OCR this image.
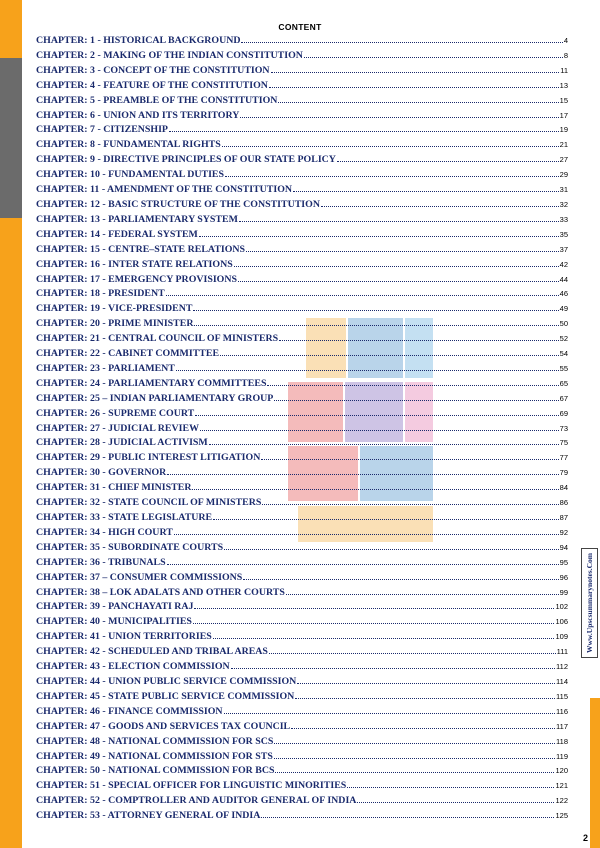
CONTENT
CHAPTER: 1 - HISTORICAL BACKGROUND	4
CHAPTER: 2 - MAKING OF THE INDIAN CONSTITUTION	8
CHAPTER: 3 - CONCEPT OF THE CONSTITUTION	11
CHAPTER: 4 - FEATURE OF THE CONSTITUTION	13
CHAPTER: 5 - PREAMBLE OF THE CONSTITUTION	15
CHAPTER: 6 - UNION AND ITS TERRITORY	17
CHAPTER: 7 - CITIZENSHIP	19
CHAPTER: 8 - FUNDAMENTAL RIGHTS	21
CHAPTER: 9 - DIRECTIVE PRINCIPLES OF OUR STATE POLICY	27
CHAPTER: 10 - FUNDAMENTAL DUTIES	29
CHAPTER: 11 - AMENDMENT OF THE CONSTITUTION	31
CHAPTER: 12 - BASIC STRUCTURE OF THE CONSTITUTION	32
CHAPTER: 13 - PARLIAMENTARY SYSTEM	33
CHAPTER: 14 - FEDERAL SYSTEM	35
CHAPTER: 15 - CENTRE–STATE RELATIONS	37
CHAPTER: 16 - INTER STATE RELATIONS	42
CHAPTER: 17 - EMERGENCY PROVISIONS	44
CHAPTER: 18 - PRESIDENT	46
CHAPTER: 19 - VICE-PRESIDENT	49
CHAPTER: 20 - PRIME MINISTER	50
CHAPTER: 21 - CENTRAL COUNCIL OF MINISTERS	52
CHAPTER: 22 - CABINET COMMITTEE	54
CHAPTER: 23 - PARLIAMENT	55
CHAPTER: 24 - PARLIAMENTARY COMMITTEES	65
CHAPTER: 25 – INDIAN PARLIAMENTARY GROUP	67
CHAPTER: 26 - SUPREME COURT	69
CHAPTER: 27 - JUDICIAL REVIEW	73
CHAPTER: 28 - JUDICIAL ACTIVISM	75
CHAPTER: 29 - PUBLIC INTEREST LITIGATION	77
CHAPTER: 30 - GOVERNOR	79
CHAPTER: 31 - CHIEF MINISTER	84
CHAPTER: 32 - STATE COUNCIL OF MINISTERS	86
CHAPTER: 33 - STATE LEGISLATURE	87
CHAPTER: 34 - HIGH COURT	92
CHAPTER: 35 - SUBORDINATE COURTS	94
CHAPTER: 36 - TRIBUNALS	95
CHAPTER: 37 – CONSUMER COMMISSIONS	96
CHAPTER: 38 – LOK ADALATS AND OTHER COURTS	99
CHAPTER: 39 - PANCHAYATI RAJ	102
CHAPTER: 40 - MUNICIPALITIES	106
CHAPTER: 41 - UNION TERRITORIES	109
CHAPTER: 42 - SCHEDULED AND TRIBAL AREAS	111
CHAPTER: 43 - ELECTION COMMISSION	112
CHAPTER: 44 - UNION PUBLIC SERVICE COMMISSION	114
CHAPTER: 45 - STATE PUBLIC SERVICE COMMISSION	115
CHAPTER: 46 - FINANCE COMMISSION	116
CHAPTER: 47 - GOODS AND SERVICES TAX COUNCIL	117
CHAPTER: 48 - NATIONAL COMMISSION FOR SCS	118
CHAPTER: 49 - NATIONAL COMMISSION FOR STS	119
CHAPTER: 50 - NATIONAL COMMISSION FOR BCS	120
CHAPTER: 51 - SPECIAL OFFICER FOR LINGUISTIC MINORITIES	121
CHAPTER: 52 - COMPTROLLER AND AUDITOR GENERAL OF INDIA	122
CHAPTER: 53 - ATTORNEY GENERAL OF INDIA	125
Www.Upscsummarynotes.Com
2
